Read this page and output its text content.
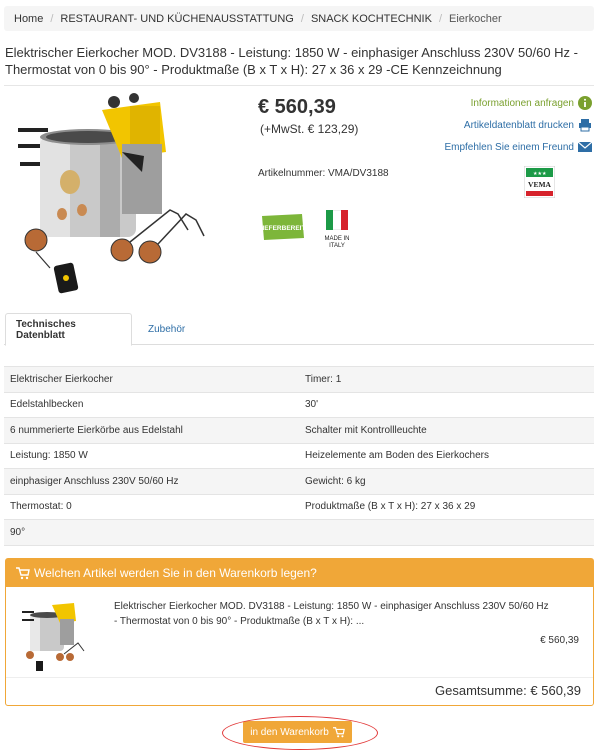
Home / RESTAURANT- UND KÜCHENAUSSTATTUNG / SNACK KOCHTECHNIK / Eierkocher
Elektrischer Eierkocher MOD. DV3188 - Leistung: 1850 W - einphasiger Anschluss 230V 50/60 Hz - Thermostat von 0 bis 90° - Produktmaße (B x T x H): 27 x 36 x 29 -CE Kennzeichnung
€ 560,39
(+MwSt. € 123,29)
Artikelnummer: VMA/DV3188
LIEFERBEREIT
MADE IN ITALY
Informationen anfragen
Artikeldatenblatt drucken
Empfehlen Sie einem Freund
★★★
VEMA
Technisches Datenblatt
Zubehör
Elektrischer Eierkocher	Timer: 1
Edelstahlbecken	30'
6 nummerierte Eierkörbe aus Edelstahl	Schalter mit Kontrollleuchte
Leistung: 1850 W	Heizelemente am Boden des Eierkochers
einphasiger Anschluss 230V 50/60 Hz	Gewicht: 6 kg
Thermostat: 0	Produktmaße (B x T x H): 27 x 36 x 29
90°	
Welchen Artikel werden Sie in den Warenkorb legen?
Elektrischer Eierkocher MOD. DV3188 - Leistung: 1850 W - einphasiger Anschluss 230V 50/60 Hz - Thermostat von 0 bis 90° - Produktmaße (B x T x H): ...
€ 560,39
Gesamtsumme: € 560,39
in den Warenkorb
